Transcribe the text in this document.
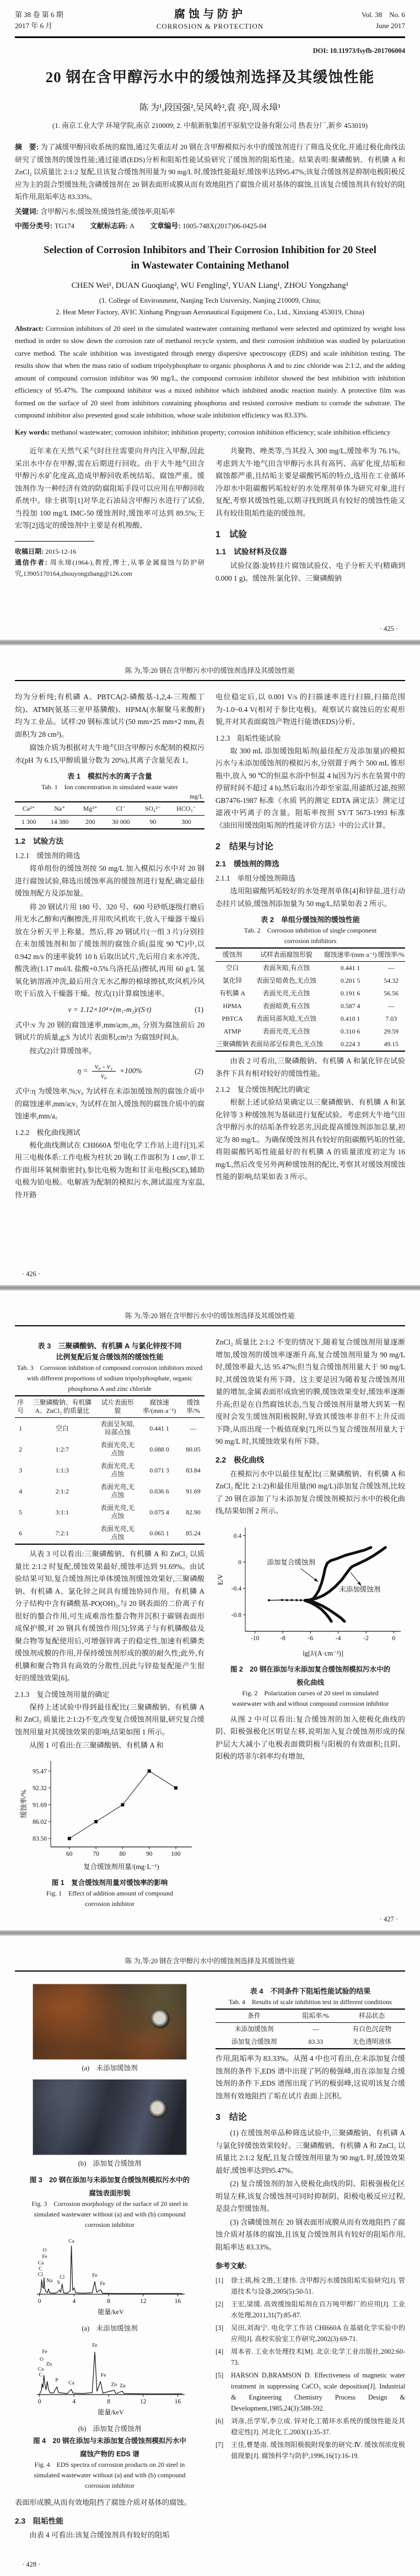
第 38 卷 第 6 期
2017 年 6 月
腐蚀与防护
CORROSION & PROTECTION
Vol. 38　No. 6
June 2017
DOI: 10.11973/fsyfh-201706004
20 钢在含甲醇污水中的缓蚀剂选择及其缓蚀性能
陈 为¹,段国强²,吴风岭²,袁 亮¹,周永璋¹
(1. 南京工业大学 环境学院,南京 210009; 2. 中航新航集团平原航空设备有限公司 热表分厂,新乡 453019)

摘　要: 为了减缓甲醇回收系统的腐蚀,通过失重法对 20 钢在含甲醇模拟污水中的缓蚀剂进行了筛选及优化,并通过极化曲线法研究了缓蚀剂的缓蚀性能;通过能谱(EDS)分析和阻垢性能试验研究了缓蚀剂的阻垢性能。结果表明:聚磷酸钠、有机膦 A 和 ZnCl₂ 以质量比 2:1:2 复配,且该复合缓蚀剂用量为 90 mg/L 时,缓蚀性能最好,缓蚀率达到95.47%;该复合缓蚀剂是抑制电极阳极反应为主的混合型缓蚀剂;含磷缓蚀剂在 20 钢表面形成膜从而有效地阻挡了腐蚀介质对基体的腐蚀,且该复合缓蚀剂具有较好的阻垢作用,阻垢率达 83.33%。

关键词: 含甲醇污水;缓蚀剂;缓蚀性能;缓蚀率;阻垢率

中图分类号: TG174 文献标志码: A 文章编号: 1005-748X(2017)06-0425-04

Selection of Corrosion Inhibitors and Their Corrosion Inhibition for 20 Steel
in Wastewater Containing Methanol
CHEN Wei¹, DUAN Guoqiang², WU Fengling², YUAN Liang¹, ZHOU Yongzhang¹
(1. College of Environment, Nanjing Tech University, Nanjing 210009, China;
2. Heat Meter Factory, AVIC Xinhang Pingyuan Aeronautical Equipment Co., Ltd., Xinxiang 453019, China)

Abstract: Corrosion inhibitors of 20 steel in the simulated wastewater containing methanol were selected and optimized by weight loss method in order to slow down the corrosion rate of methanol recycle system, and their corrosion inhibition was studied by polarization curve method. The scale inhibition was investigated through energy dispersive spectroscopy (EDS) and scale inhibition testing. The results show that when the mass ratio of sodium tripolyphosphate to organic phosphorus A and to zinc chloride was 2:1:2, and the adding amount of compound corrosion inhibitor was 90 mg/L, the compound corrosion inhibitor showed the best inhibition with inhibition efficiency of 95.47%. The compound inhibitor was a mixed inhibitor which inhibited anodic reaction mainly. A protective film was formed on the surface of 20 steel from inhibitors containing phosphorus and resisted corrosive medium to corrode the substrate. The compound inhibitor also presented good scale inhibition, whose scale inhibition efficiency was 83.33%.

Key words: methanol wastewater; corrosion inhibitor; inhibition property; corrosion inhibition efficiency; scale inhibition efficiency

近年来在天然气采气时往往需要向井内注入甲醇,因此采出水中存在甲醇,需在后期进行回收。由于大牛地气田含甲醇污水矿化度高,造成甲醇回收系统结垢、腐蚀严重。缓蚀剂作为一种经济有效的防腐阻垢手段可以应用在甲醇回收系统中。徐士祺等[1]对华北石油局含甲醇污水进行了试验,当投加 100 mg/L IMC-50 缓蚀剂时,缓蚀率可达到 89.5%;王宏等[2]选定的缓蚀剂中主要是有机羧酸、

收稿日期: 2015-12-16

通信作者: 周永璋(1964-),教授,博士,从事金属腐蚀与防护研究,13905170164,zhouyongzhang@126.com

共聚物、唑类等,当其投入 300 mg/L,缓蚀率为 76.1%。考虑到大牛地气田含甲醇污水具有高钙、高矿化度,结垢和腐蚀都严重,且结垢主要是碳酸钙垢的特点,选用在工业循环冷却水中阻碳酸钙垢较好的水处理剂单体为研究对象,进行复配,考察其缓蚀性能,以期寻找到既具有较好的缓蚀性能又具有较佳阻垢性能的缓蚀剂。

1　试验
1.1　试验材料及仪器

试验仪器:旋转挂片腐蚀试验仪、电子分析天平(精确到 0.000 1 g)。缓蚀剂:氯化锌、三聚磷酸钠

· 425 ·
陈 为,等:20 钢在含甲醇污水中的缓蚀剂选择及其缓蚀性能

均为分析纯;有机磷 A、PBTCA(2-磷酸基-1,2,4-三羧酸丁烷)、ATMP(氨基三亚甲基膦酸)、HPMA(水解聚马来酸酐)均为工业品。试样:20 钢标准试片(50 mm×25 mm×2 mm,表面积为 28 cm²)。

腐蚀介质为根据对大牛地气田含甲醇污水配制的模拟污水(pH 为 6.15,甲醇质量分数为 20%),其离子含量见表 1。

表 1　模拟污水的离子含量
Tab. 1　Ion concentration in simulated waste water
mg/L
Ca²⁺	Na⁺	Mg²⁺	Cl⁻	SO₄²⁻	HCO₃⁻
1 300	14 380	200	30 000	90	300
1.2　试验方法
1.2.1　缓蚀剂的筛选

将单组份的缓蚀剂按 50 mg/L 加入模拟污水中对 20 钢进行腐蚀试验,筛选出缓蚀率高的缓蚀剂进行复配,确定最佳缓蚀剂配方及添加量。

将 20 钢试片用 180 号、320 号、600 号砂纸逐级打磨后用无水乙醇和丙酮擦洗,并用吹风机吹干,放入干燥器干燥后放在分析天平上称量。然后,将 20 钢试片(一组 3 片)分别挂在未加缓蚀剂和加了缓蚀剂的腐蚀介质(温度 90 ℃)中,以 0.942 m/s 的速率旋转 10 h 后取出试片,先后用自来水冲洗、酸洗液(1.17 mol/L 盐酸+0.5%乌洛托品)擦拭,再用 60 g/L 氢氧化钠溶液冲洗,最后用含无水乙醇的棉球擦拭,吹风机冷风吹干后放入干燥器干燥。按式(1)计算腐蚀速率。

v = 1.12×10⁴×(m₁-m₂)/(S·t)	(1)

式中:v 为 20 钢的腐蚀速率,mm/a;m₁,m₂ 分别为腐蚀前后 20 钢试片的质量,g;S 为试片表面积,cm²;t 为腐蚀时间,h。

按式(2)计算缓蚀率。

$\eta = \frac{\text{v₀ - v₁}}{\text{v₀}} \times 100\%$	(2)

式中:η 为缓蚀率,%;v₀ 为试样在未添加缓蚀剂的腐蚀介质中的腐蚀速率,mm/a;v₁ 为试样在加入缓蚀剂的腐蚀介质中的腐蚀速率,mm/a。

1.2.2　极化曲线测试

极化曲线测试在 CHI660A 型电化学工作站上进行[3],采用三电极体系:工作电极为柱状 20 钢(工作面积为 1 cm²,非工作面用环氧树脂密封),参比电极为饱和甘汞电极(SCE),辅助电极为铂电极。电解液为配制的模拟污水,测试温度为室温,待开路

电位稳定后,以 0.001 V/s 的扫描速率进行扫描,扫描范围为-1.0~0.4 V(相对于参比电极)。观察试片腐蚀后的宏观形貌,并对其表面腐蚀产物进行能谱(EDS)分析。

1.2.3　阻垢性能试验

取 300 mL 添加缓蚀阻垢剂(最佳配方及添加量)的模拟污水与未添加缓蚀剂的模拟污水,分别置于两个 500 mL 锥形瓶中,放入 90 ℃的恒温水浴中恒温 4 h(因为污水在装置中的停留时间不超过 4 h),然后取出冷却至室温,用滤纸过滤,按照 GB7476-1987 标准《水质 钙的测定 EDTA 滴定法》测定过滤液中钙离子的含量。阻垢率按照 SY/T 5673-1993 标准《油田用缓蚀阻垢剂的性能评价方法》中的公式计算。

2　结果与讨论
2.1　缓蚀剂的筛选
2.1.1　单组分缓蚀剂筛选

选用阻碳酸钙垢较好的水处理剂单体[4]和锌盐,进行动态挂片试验,缓蚀剂添加量为 50 mg/L,结果如表 2 所示。

表 2　单组分缓蚀剂的缓蚀性能
Tab. 2　Corrosion inhibition of single component
corrosion inhibitors
缓蚀剂	试样表面腐蚀形貌	腐蚀速率/(mm·a⁻¹)	缓蚀率/%
空白	表面灰暗,有点蚀	0.441 1	—
氯化锌	表面呈暗黄色,无点蚀	0.201 5	54.32
有机膦 A	表面光亮,无点蚀	0.191 6	56.56
HPMA	表面暗黄,有点蚀	0.587 4	—
PBTCA	表面局部灰暗,无点蚀	0.410 1	7.03
ATMP	表面光亮,无点蚀	0.310 6	29.59
三聚磷酸钠	表面局部呈棕黄色,无点蚀	0.224 3	49.15

由表 2 可看出,三聚磷酸钠、有机膦 A 和氯化锌在试验条件下具有相对较好的缓蚀性能。

2.1.2　复合缓蚀剂配比的确定

根据上述试验结果确定以三聚磷酸钠、有机膦 A 和氯化锌等 3 种缓蚀剂为基础进行复配试验。考虑到大牛地气田含甲醇污水的结垢条件较恶劣,因此提高缓蚀剂添加总量,初定为 80 mg/L。为确保缓蚀剂具有较好的阻碳酸钙垢的性能,将阻碳酸钙垢性能最好的有机膦 A 的质量浓度初定为 16 mg/L,然后改变另外两种缓蚀剂的配比,考察其对缓蚀剂缓蚀性能的影响,结果如表 3 所示。

· 426 ·
陈 为,等:20 钢在含甲醇污水中的缓蚀剂选择及其缓蚀性能
表 3　三聚磷酸钠、有机膦 A 与氯化锌按不同
比例复配后复合缓蚀剂的缓蚀性能
Tab. 3　Corrosion inhibition of compound corrosion inhibitors mixed with different proportions of sodium tripolyphosphate, organic phosphorus A and zinc chloride
序号	三聚磷酸钠、有机膦 A、ZnCl₂ 的质量比	试片表面形貌	腐蚀速率/(mm·a⁻¹)	缓蚀率/%
1	空白	表面呈灰暗,局部点蚀	0.441 1	—
2	1:2:7	表面光亮,无点蚀	0.088 0	80.05
3	1:1:3	表面光亮,无点蚀	0.071 3	83.84
4	2:1:2	表面光亮,无点蚀	0.036 6	91.69
5	3:1:1	表面光亮,无点蚀	0.075 4	82.90
6	7:2:1	表面光亮,无点蚀	0.065 1	85.24

从表 3 可以看出:三聚磷酸钠、有机膦 A 和 ZnCl₂ 以质量比 2:1:2 时复配,缓蚀效果最好,缓蚀率达到 91.69%。由试验结果可知,复合缓蚀剂比单体缓蚀剂缓蚀效果好,三聚磷酸钠、有机磷 A、氯化锌之间具有缓蚀协同作用。有机膦 A 分子结构中含有磷酰基-PO(OH)₂,与 20 钢表面的二价离子有很好的螯合作用,可生成难溶性螯合物并沉积于碳钢表面形成保护膜,对 20 钢具有缓蚀作用[5];锌离子与有机膦酸盐及聚合物等复配使用后,可增强锌离子的稳定性,加速有机膦类缓蚀剂成膜的作用,并保持缓蚀剂形成的膜的耐久性;此外,有机膦和聚合物具有高效的分散性,因此与锌盐复配能产生很好的缓蚀效果[6]。

2.1.3　复合缓蚀剂用量的确定

保持上述试验中得到最佳配比(三聚磷酸钠、有机膦 A 和 ZnCl₂ 质量比 2:1:2)不变,改变复合缓蚀剂用量,研究复合缓蚀剂用量对其缓蚀效果的影响,结果如图 1 所示。

从图 1 可看出:在三聚磷酸钠、有机膦 A 和

60	70	80	90	100
83.50
86.02
91.69
92.32
95.47
复合缓蚀剂用量/(mg·L⁻¹)
缓蚀率/%
图 1　复合缓蚀剂用量对缓蚀率的影响
Fig. 1　Effect of addition amount of compound
corrosion inhibitor

ZnCl₂ 质量比 2:1:2 不变的情况下,随着复合缓蚀剂用量逐渐增加,缓蚀剂的缓蚀率逐渐升高,复合缓蚀剂用量为 90 mg/L 时,缓蚀率最大,达 95.47%;但当复合缓蚀剂用量大于 90 mg/L 时,其缓蚀效果有所下降。这主要是因为随着复合缓蚀剂用量的增加,金属表面形成致密的膜,缓蚀效果变好,缓蚀率逐渐升高;但是在自然腐蚀状态,当复合缓蚀剂用量增大到某一程度时会发生缓蚀剂阳极脱附,导致其缓蚀率非但不上升反而下降,从而出现一个极值现象[7],所以当复合缓蚀剂用量大于 90 mg/L 时,其缓蚀效果有所下降。

2.2　极化曲线

在模拟污水中以最佳复配比(三聚磷酸钠、有机膦 A 和 ZnCl₂ 配比 2:1:2)和最佳用量(90 mg/L)添加复合缓蚀剂,比较了 20 钢在添加了与未添加复合缓蚀剂模拟污水中的极化曲线,结果如图 2 所示。

-10	-8	-6	-4	-2	0
0.4
0
-0.4
-0.8
添加复合缓蚀剂
未添加缓蚀剂
lg[J/(A·cm⁻²)]
E/V
图 2　20 钢在添加与未添加复合缓蚀剂模拟污水中的
极化曲线
Fig. 2　Polarization curves of 20 steel in simulated
wastewater with and without compound corrosion inhibitor

从图 2 中可以看出:复合缓蚀剂的加入使极化曲线的阴、阳极强极化区明显左移,说明加入复合缓蚀剂形成的保护层大大减小了电极表面微阴极与阳极的有效面积;且阴、阳极的塔菲尔斜率均有增加,

· 427 ·
陈 为,等:20 钢在含甲醇污水中的缓蚀剂选择及其缓蚀性能
(a)　未添加缓蚀剂
(b)　添加复合缓蚀剂
图 3　20 钢在添加与未添加复合缓蚀剂模拟污水中的
腐蚀表面形貌
Fig. 3　Corrosion morphology of the surface of 20 steel in simulated wastewater without (a) and with (b) compound corrosion inhibitor
0	4	8	12	16
O
Fe
Ca
C
Cl
Na S
Cl
Ca
Fe
Fe
能量/keV
(a)　未添加缓蚀剂
0	4	8	12	16
Fe
O
Zn
Ca
C
P
Ca
Fe
Fe
Zn Zn
能量/keV
(b)　添加复合缓蚀剂
图 4　20 钢在添加与未添加复合缓蚀剂模拟污水中
腐蚀产物的 EDS 谱
Fig. 4　EDS spectra of corrosion products on 20 steel in simulated wastewater without (a) and with (b) compound corrosion inhibitor

表面形成膜,从而有效地阻挡了腐蚀介质对基体的腐蚀。

2.3　阻垢性能

由表 4 可看出:该复合缓蚀剂具有较好的阻垢

表 4　不同条件下阻垢性能试验的结果
Tab. 4　Results of scale inhibition test in different conditions
条件	阻垢率/%	样品状态
未添加缓蚀剂	—	有白色沉淀物
添加复合缓蚀剂	83.33	无色透明液体

作用,阻垢率为 83.33%。从图 4 中也可看出,在未添加复合缓蚀剂的条件下,EDS 谱中出现了钙的极强峰,而在添加复合缓蚀剂的条件下,EDS 谱图出现了钙的极弱峰,这说明该复合缓蚀剂有效地阻挡了垢在试片表面上沉积。

3　结论

(1) 在缓蚀剂单品种筛选试验中,三聚磷酸钠、有机磷 A 与氯化锌缓蚀效果较好。三聚磷酸钠、有机膦 A 和 ZnCl₂ 以质量比 2:1:2 复配,且复合缓蚀剂用量为 90 mg/L 时,缓蚀效果最好,缓蚀率达到95.47%。

(2) 复合缓蚀剂的加入使极化曲线的阴、阳极强极化区明显左移,该复合缓蚀剂可同时抑制阴、阳极电极反应过程,是混合型缓蚀剂。

(3) 含磷缓蚀剂在 20 钢表面形成膜从而有效地阻挡了腐蚀介质对基体的腐蚀,且该复合缓蚀剂具有较好的阻垢作用,阻垢率达 83.33%。

参考文献:
[1]	徐士祺,杨文胜,王建伟. 含甲醇污水缓蚀阻垢实验研究[J]. 管道技术与设备,2005(5):50-51.
[2]	王宏,梁缓. 高效缓蚀阻垢剂在百万吨甲醇厂的应用[J]. 工业水处理,2011,31(7):85-87.
[3]	吴田,刘海宁. 电化学工作站 CHI660A 在基础化学实验中的应用[J]. 高校实验室工作研究,2002(3):69-71.
[4]	周本省. 工业水处理技术[M]. 北京:化学工业出版社,2002:60-73.
[5]	HARSON D,BRAMSON D. Effectiveness of magnetic water treatment in suppressing CaCO₃ scale deposition[J]. Industrial & Engineering Chemistry Process Design & Development,1985,24(3):588-592.
[6]	刘彦,岳学军,李立成. 锌对化工循环水系统的缓蚀性能及其稳定性[J]. 河北化工,2003(1):35-37.
[7]	王佳,曹楚南. 缓蚀剂阳极脱附现象的研究:Ⅳ. 缓蚀剂浓度极值现象[J]. 腐蚀科学与防护,1996,16(1):16-19.
· 428 ·
